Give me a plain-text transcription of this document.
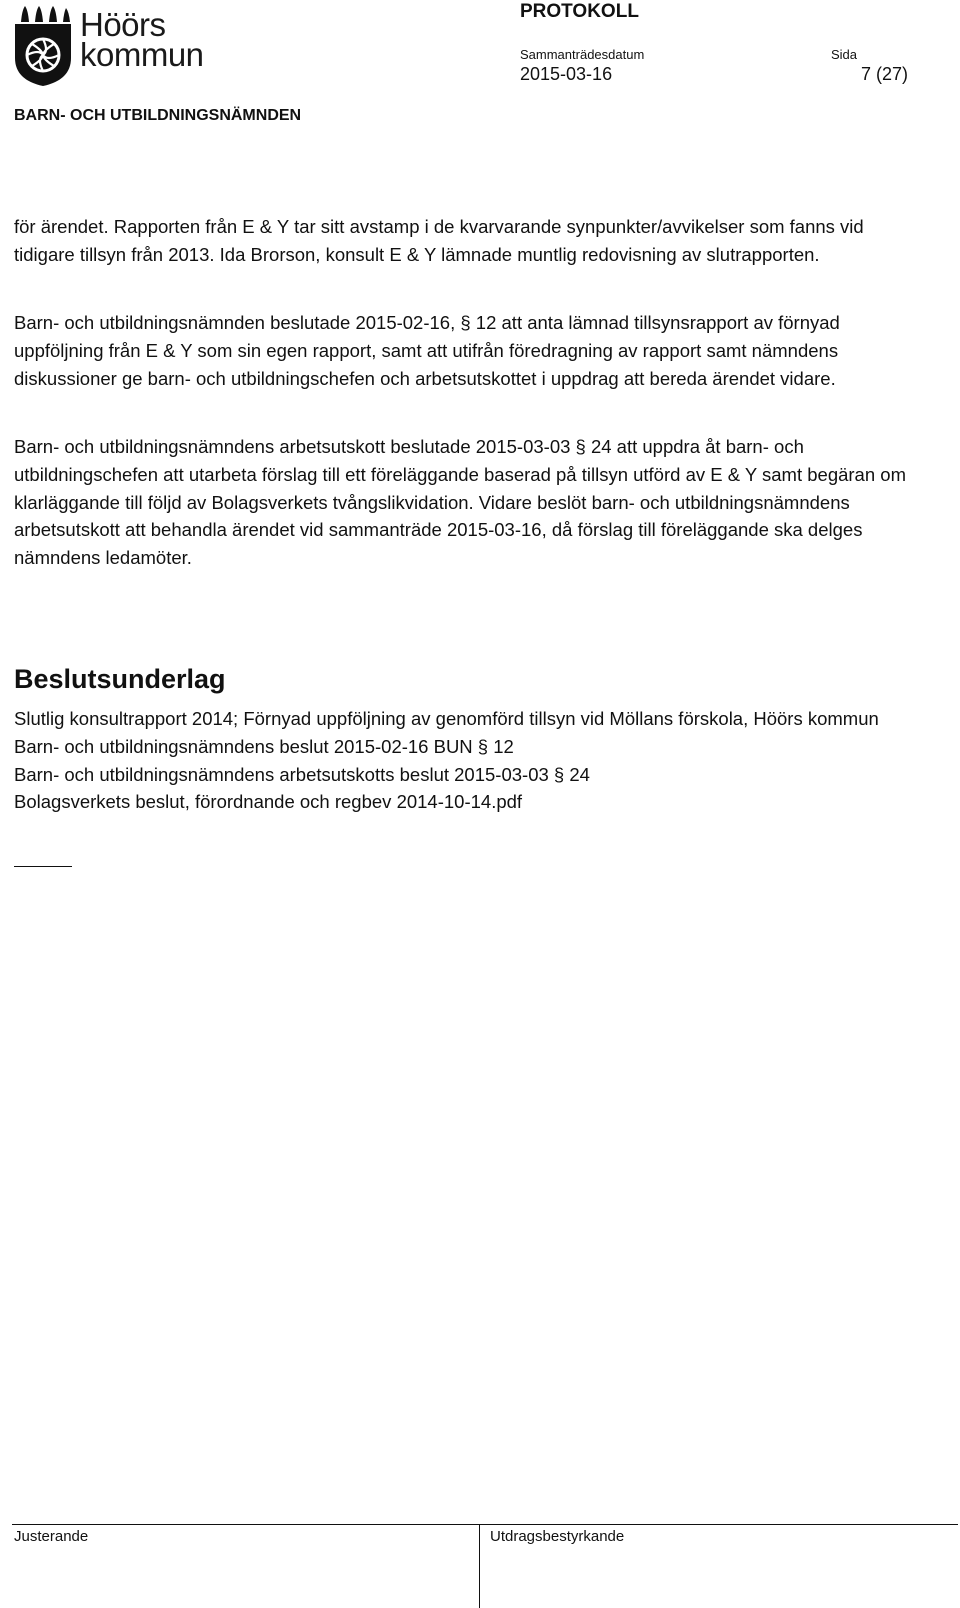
Höörs
kommun
PROTOKOLL
Sammanträdesdatum	Sida
2015-03-16	7 (27)
BARN- OCH UTBILDNINGSNÄMNDEN

för ärendet. Rapporten från E & Y tar sitt avstamp i de kvarvarande synpunkter/avvikelser som fanns vid tidigare tillsyn från 2013. Ida Brorson, konsult E & Y lämnade muntlig redovisning av slutrapporten.

Barn- och utbildningsnämnden beslutade 2015-02-16, § 12 att anta lämnad tillsynsrapport av förnyad uppföljning från E & Y som sin egen rapport, samt att utifrån föredragning av rapport samt nämndens diskussioner ge barn- och utbildningschefen och arbetsutskottet i uppdrag att bereda ärendet vidare.

Barn- och utbildningsnämndens arbetsutskott beslutade 2015-03-03 § 24 att uppdra åt barn- och utbildningschefen att utarbeta förslag till ett föreläggande baserad på tillsyn utförd av E & Y samt begäran om klarläggande till följd av Bolagsverkets tvångslikvidation. Vidare beslöt barn- och utbildningsnämndens arbetsutskott att behandla ärendet vid sammanträde 2015-03-16, då förslag till föreläggande ska delges nämndens ledamöter.

Beslutsunderlag
Slutlig konsultrapport 2014; Förnyad uppföljning av genomförd tillsyn vid Möllans förskola, Höörs kommun
Barn- och utbildningsnämndens beslut 2015-02-16 BUN § 12
Barn- och utbildningsnämndens arbetsutskotts beslut 2015-03-03 § 24
Bolagsverkets beslut, förordnande och regbev 2014-10-14.pdf
Justerande	Utdragsbestyrkande
